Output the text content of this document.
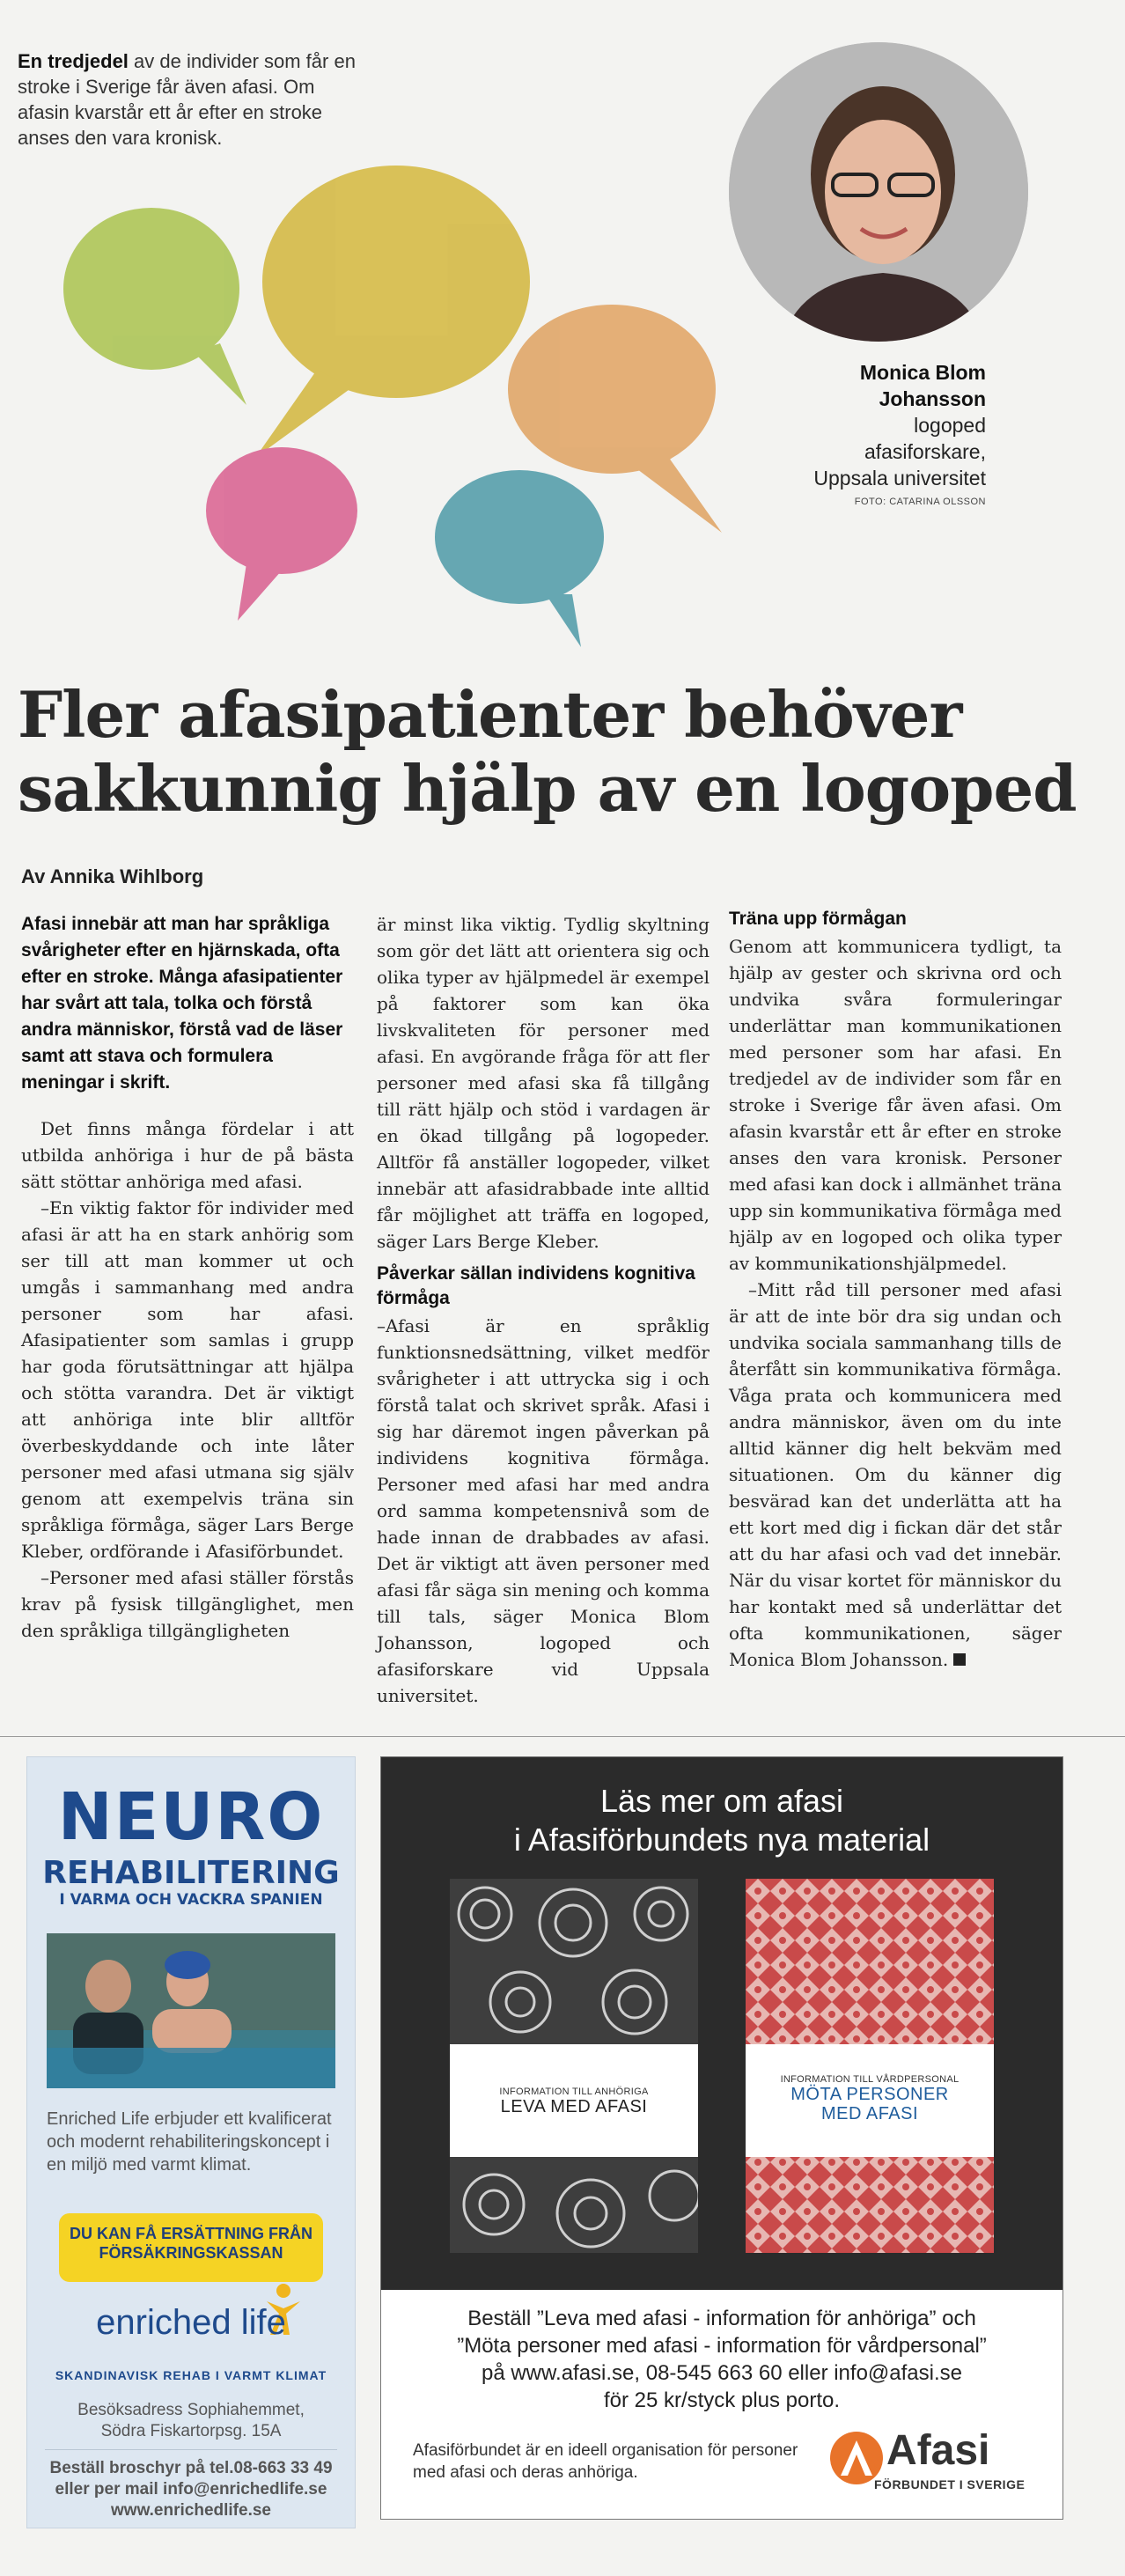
En tredjedel av de individer som får en stroke i Sverige får även afasi. Om afasin kvarstår ett år efter en stroke anses den vara kronisk.
Monica Blom Johansson
logoped
afasiforskare,
Uppsala universitet
FOTO: CATARINA OLSSON
Fler afasipatienter behöver
sakkunnig hjälp av en logoped
Av Annika Wihlborg

Afasi innebär att man har språkliga svårigheter efter en hjärnskada, ofta efter en stroke. Många afasipatienter har svårt att tala, tolka och förstå andra människor, förstå vad de läser samt att stava och formulera meningar i skrift.

Det finns många fördelar i att utbilda anhöriga i hur de på bästa sätt stöttar anhöriga med afasi.

–En viktig faktor för individer med afasi är att ha en stark anhörig som ser till att man kommer ut och umgås i sammanhang med andra personer som har afasi. Afasipatienter som samlas i grupp har goda förutsättningar att hjälpa och stötta varandra. Det är viktigt att anhöriga inte blir alltför överbeskyddande och inte låter personer med afasi utmana sig själv genom att exempelvis träna sin språkliga förmåga, säger Lars Berge Kleber, ordförande i Afasiförbundet.

–Personer med afasi ställer förstås krav på fysisk tillgänglighet, men den språkliga tillgängligheten

är minst lika viktig. Tydlig skyltning som gör det lätt att orientera sig och olika typer av hjälpmedel är exempel på faktorer som kan öka livskvaliteten för personer med afasi. En avgörande fråga för att fler personer med afasi ska få tillgång till rätt hjälp och stöd i vardagen är en ökad tillgång på logopeder. Alltför få anställer logopeder, vilket innebär att afasidrabbade inte alltid får möjlighet att träffa en logoped, säger Lars Berge Kleber.

Påverkar sällan individens kognitiva förmåga

–Afasi är en språklig funktionsnedsättning, vilket medför svårigheter i att uttrycka sig i och förstå talat och skrivet språk. Afasi i sig har däremot ingen påverkan på individens kognitiva förmåga. Personer med afasi har med andra ord samma kompetensnivå som de hade innan de drabbades av afasi. Det är viktigt att även personer med afasi får säga sin mening och komma till tals, säger Monica Blom Johansson, logoped och afasiforskare vid Uppsala universitet.

Träna upp förmågan

Genom att kommunicera tydligt, ta hjälp av gester och skrivna ord och undvika svåra formuleringar underlättar man kommunikationen med personer som har afasi. En tredjedel av de individer som får en stroke i Sverige får även afasi. Om afasin kvarstår ett år efter en stroke anses den vara kronisk. Personer med afasi kan dock i allmänhet träna upp sin kommunikativa förmåga med hjälp av en logoped och olika typer av kommunikationshjälpmedel.

–Mitt råd till personer med afasi är att de inte bör dra sig undan och undvika sociala sammanhang tills de återfått sin kommunikativa förmåga. Våga prata och kommunicera med andra människor, även om du inte alltid känner dig helt bekväm med situationen. Om du känner dig besvärad kan det underlätta att ha ett kort med dig i fickan där det står att du har afasi och vad det innebär. När du visar kortet för människor du har kontakt med så underlättar det ofta kommunikationen, säger Monica Blom Johansson.

NEURO
REHABILITERING
I VARMA OCH VACKRA SPANIEN
Enriched Life erbjuder ett kvalificerat och modernt rehabiliteringskoncept i en miljö med varmt klimat.
DU KAN FÅ ERSÄTTNING FRÅN FÖRSÄKRINGSKASSAN
enriched life
SKANDINAVISK REHAB I VARMT KLIMAT
Besöksadress Sophiahemmet,
Södra Fiskartorpsg. 15A
Beställ broschyr på tel.08-663 33 49
eller per mail info@enrichedlife.se
www.enrichedlife.se
Läs mer om afasi
i Afasiförbundets nya material
INFORMATION TILL ANHÖRIGA
LEVA MED AFASI
INFORMATION TILL VÅRDPERSONAL
MÖTA PERSONER
MED AFASI
Beställ ”Leva med afasi - information för anhöriga” och
”Möta personer med afasi - information för vårdpersonal”
på www.afasi.se, 08-545 663 60 eller info@afasi.se
för 25 kr/styck plus porto.
Afasiförbundet är en ideell organisation för personer med afasi och deras anhöriga.	Afasi
FÖRBUNDET I SVERIGE
